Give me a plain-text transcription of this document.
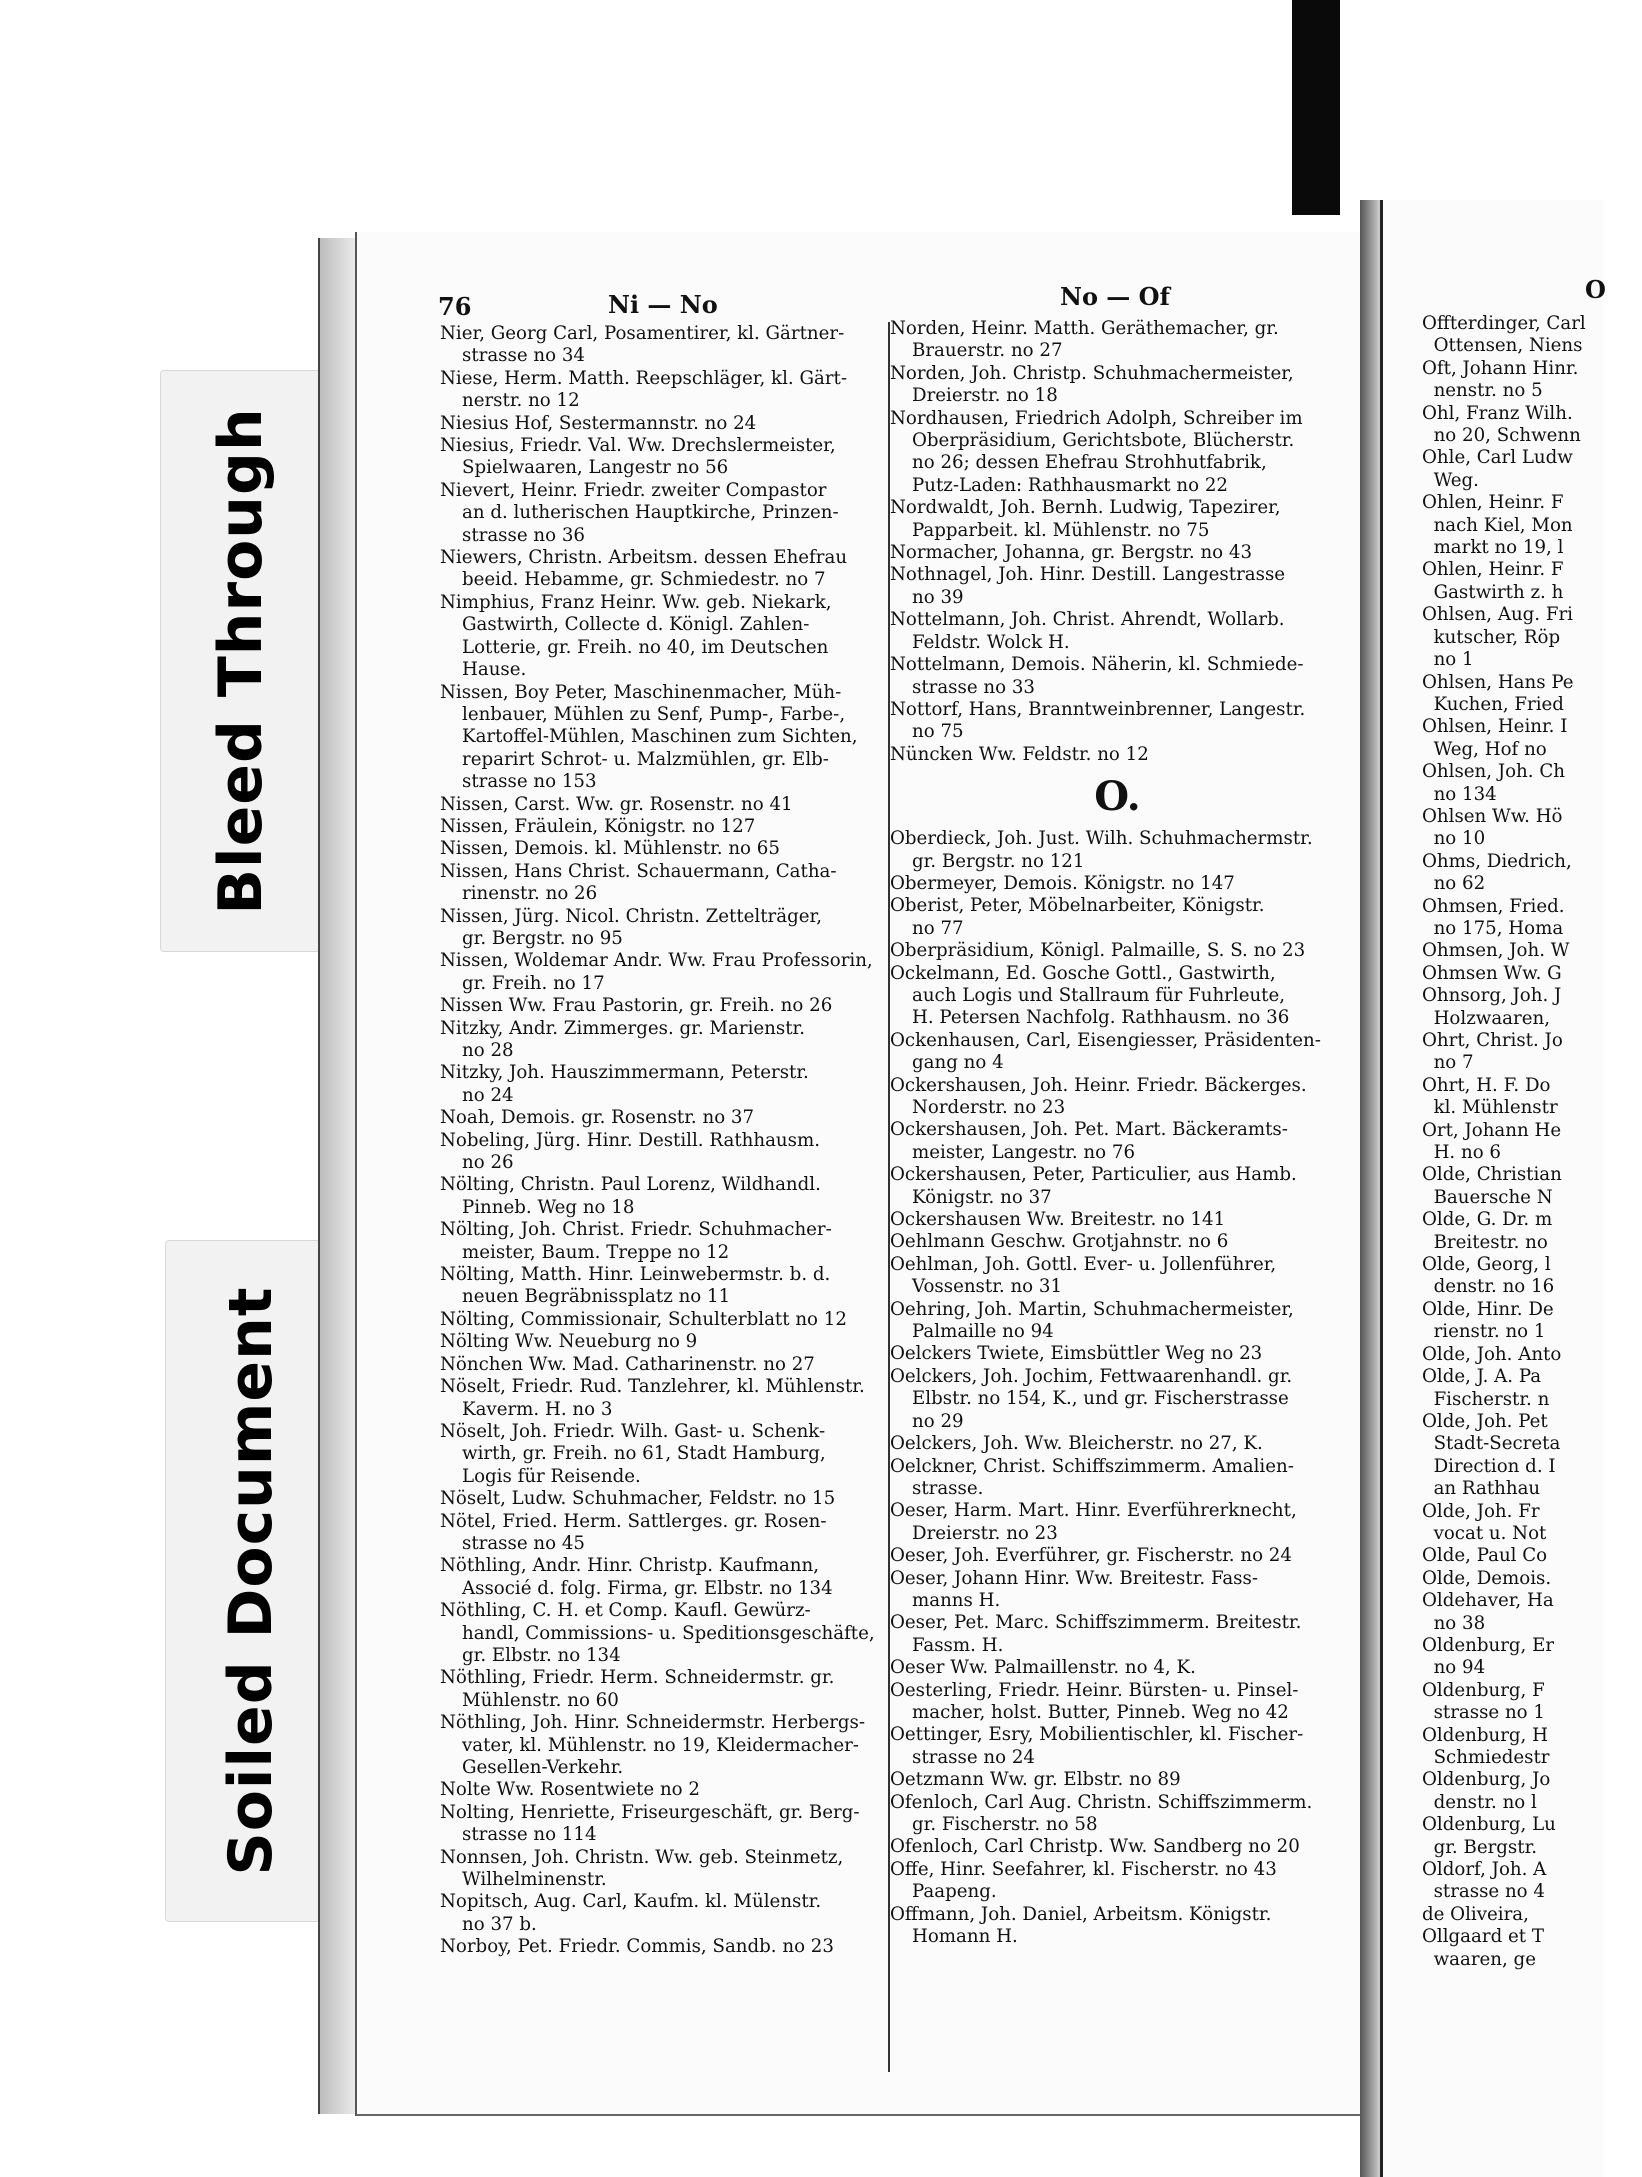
Bleed Through
Soiled Document
76	Ni — No	No — Of	O
Nier, Georg Carl, Posamentirer, kl. Gärtner-
strasse no 34
Niese, Herm. Matth. Reepschläger, kl. Gärt-
nerstr. no 12
Niesius Hof, Sestermannstr. no 24
Niesius, Friedr. Val. Ww. Drechslermeister,
Spielwaaren, Langestr no 56
Nievert, Heinr. Friedr. zweiter Compastor
an d. lutherischen Hauptkirche, Prinzen-
strasse no 36
Niewers, Christn. Arbeitsm. dessen Ehefrau
beeid. Hebamme, gr. Schmiedestr. no 7
Nimphius, Franz Heinr. Ww. geb. Niekark,
Gastwirth, Collecte d. Königl. Zahlen-
Lotterie, gr. Freih. no 40, im Deutschen
Hause.
Nissen, Boy Peter, Maschinenmacher, Müh-
lenbauer, Mühlen zu Senf, Pump-, Farbe-,
Kartoffel-Mühlen, Maschinen zum Sichten,
reparirt Schrot- u. Malzmühlen, gr. Elb-
strasse no 153
Nissen, Carst. Ww. gr. Rosenstr. no 41
Nissen, Fräulein, Königstr. no 127
Nissen, Demois. kl. Mühlenstr. no 65
Nissen, Hans Christ. Schauermann, Catha-
rinenstr. no 26
Nissen, Jürg. Nicol. Christn. Zettelträger,
gr. Bergstr. no 95
Nissen, Woldemar Andr. Ww. Frau Professorin,
gr. Freih. no 17
Nissen Ww. Frau Pastorin, gr. Freih. no 26
Nitzky, Andr. Zimmerges. gr. Marienstr.
no 28
Nitzky, Joh. Hauszimmermann, Peterstr.
no 24
Noah, Demois. gr. Rosenstr. no 37
Nobeling, Jürg. Hinr. Destill. Rathhausm.
no 26
Nölting, Christn. Paul Lorenz, Wildhandl.
Pinneb. Weg no 18
Nölting, Joh. Christ. Friedr. Schuhmacher-
meister, Baum. Treppe no 12
Nölting, Matth. Hinr. Leinwebermstr. b. d.
neuen Begräbnissplatz no 11
Nölting, Commissionair, Schulterblatt no 12
Nölting Ww. Neueburg no 9
Nönchen Ww. Mad. Catharinenstr. no 27
Nöselt, Friedr. Rud. Tanzlehrer, kl. Mühlenstr.
Kaverm. H. no 3
Nöselt, Joh. Friedr. Wilh. Gast- u. Schenk-
wirth, gr. Freih. no 61, Stadt Hamburg,
Logis für Reisende.
Nöselt, Ludw. Schuhmacher, Feldstr. no 15
Nötel, Fried. Herm. Sattlerges. gr. Rosen-
strasse no 45
Nöthling, Andr. Hinr. Christp. Kaufmann,
Associé d. folg. Firma, gr. Elbstr. no 134
Nöthling, C. H. et Comp. Kaufl. Gewürz-
handl, Commissions- u. Speditionsgeschäfte,
gr. Elbstr. no 134
Nöthling, Friedr. Herm. Schneidermstr. gr.
Mühlenstr. no 60
Nöthling, Joh. Hinr. Schneidermstr. Herbergs-
vater, kl. Mühlenstr. no 19, Kleidermacher-
Gesellen-Verkehr.
Nolte Ww. Rosentwiete no 2
Nolting, Henriette, Friseurgeschäft, gr. Berg-
strasse no 114
Nonnsen, Joh. Christn. Ww. geb. Steinmetz,
Wilhelminenstr.
Nopitsch, Aug. Carl, Kaufm. kl. Mülenstr.
no 37 b.
Norboy, Pet. Friedr. Commis, Sandb. no 23
Norden, Heinr. Matth. Geräthemacher, gr.
Brauerstr. no 27
Norden, Joh. Christp. Schuhmachermeister,
Dreierstr. no 18
Nordhausen, Friedrich Adolph, Schreiber im
Oberpräsidium, Gerichtsbote, Blücherstr.
no 26; dessen Ehefrau Strohhutfabrik,
Putz-Laden: Rathhausmarkt no 22
Nordwaldt, Joh. Bernh. Ludwig, Tapezirer,
Papparbeit. kl. Mühlenstr. no 75
Normacher, Johanna, gr. Bergstr. no 43
Nothnagel, Joh. Hinr. Destill. Langestrasse
no 39
Nottelmann, Joh. Christ. Ahrendt, Wollarb.
Feldstr. Wolck H.
Nottelmann, Demois. Näherin, kl. Schmiede-
strasse no 33
Nottorf, Hans, Branntweinbrenner, Langestr.
no 75
Nüncken Ww. Feldstr. no 12
O.
Oberdieck, Joh. Just. Wilh. Schuhmachermstr.
gr. Bergstr. no 121
Obermeyer, Demois. Königstr. no 147
Oberist, Peter, Möbelnarbeiter, Königstr.
no 77
Oberpräsidium, Königl. Palmaille, S. S. no 23
Ockelmann, Ed. Gosche Gottl., Gastwirth,
auch Logis und Stallraum für Fuhrleute,
H. Petersen Nachfolg. Rathhausm. no 36
Ockenhausen, Carl, Eisengiesser, Präsidenten-
gang no 4
Ockershausen, Joh. Heinr. Friedr. Bäckerges.
Norderstr. no 23
Ockershausen, Joh. Pet. Mart. Bäckeramts-
meister, Langestr. no 76
Ockershausen, Peter, Particulier, aus Hamb.
Königstr. no 37
Ockershausen Ww. Breitestr. no 141
Oehlmann Geschw. Grotjahnstr. no 6
Oehlman, Joh. Gottl. Ever- u. Jollenführer,
Vossenstr. no 31
Oehring, Joh. Martin, Schuhmachermeister,
Palmaille no 94
Oelckers Twiete, Eimsbüttler Weg no 23
Oelckers, Joh. Jochim, Fettwaarenhandl. gr.
Elbstr. no 154, K., und gr. Fischerstrasse
no 29
Oelckers, Joh. Ww. Bleicherstr. no 27, K.
Oelckner, Christ. Schiffszimmerm. Amalien-
strasse.
Oeser, Harm. Mart. Hinr. Everführerknecht,
Dreierstr. no 23
Oeser, Joh. Everführer, gr. Fischerstr. no 24
Oeser, Johann Hinr. Ww. Breitestr. Fass-
manns H.
Oeser, Pet. Marc. Schiffszimmerm. Breitestr.
Fassm. H.
Oeser Ww. Palmaillenstr. no 4, K.
Oesterling, Friedr. Heinr. Bürsten- u. Pinsel-
macher, holst. Butter, Pinneb. Weg no 42
Oettinger, Esry, Mobilientischler, kl. Fischer-
strasse no 24
Oetzmann Ww. gr. Elbstr. no 89
Ofenloch, Carl Aug. Christn. Schiffszimmerm.
gr. Fischerstr. no 58
Ofenloch, Carl Christp. Ww. Sandberg no 20
Offe, Hinr. Seefahrer, kl. Fischerstr. no 43
Paapeng.
Offmann, Joh. Daniel, Arbeitsm. Königstr.
Homann H.
Offterdinger, Carl
Ottensen, Niens
Oft, Johann Hinr.
nenstr. no 5
Ohl, Franz Wilh.
no 20, Schwenn
Ohle, Carl Ludw
Weg.
Ohlen, Heinr. F
nach Kiel, Mon
markt no 19, l
Ohlen, Heinr. F
Gastwirth z. h
Ohlsen, Aug. Fri
kutscher, Röp
no 1
Ohlsen, Hans Pe
Kuchen, Fried
Ohlsen, Heinr. I
Weg, Hof no
Ohlsen, Joh. Ch
no 134
Ohlsen Ww. Hö
no 10
Ohms, Diedrich,
no 62
Ohmsen, Fried.
no 175, Homa
Ohmsen, Joh. W
Ohmsen Ww. G
Ohnsorg, Joh. J
Holzwaaren,
Ohrt, Christ. Jo
no 7
Ohrt, H. F. Do
kl. Mühlenstr
Ort, Johann He
H. no 6
Olde, Christian
Bauersche N
Olde, G. Dr. m
Breitestr. no
Olde, Georg, l
denstr. no 16
Olde, Hinr. De
rienstr. no 1
Olde, Joh. Anto
Olde, J. A. Pa
Fischerstr. n
Olde, Joh. Pet
Stadt-Secreta
Direction d. I
an Rathhau
Olde, Joh. Fr
vocat u. Not
Olde, Paul Co
Olde, Demois.
Oldehaver, Ha
no 38
Oldenburg, Er
no 94
Oldenburg, F
strasse no 1
Oldenburg, H
Schmiedestr
Oldenburg, Jo
denstr. no l
Oldenburg, Lu
gr. Bergstr.
Oldorf, Joh. A
strasse no 4
de Oliveira,
Ollgaard et T
waaren, ge
